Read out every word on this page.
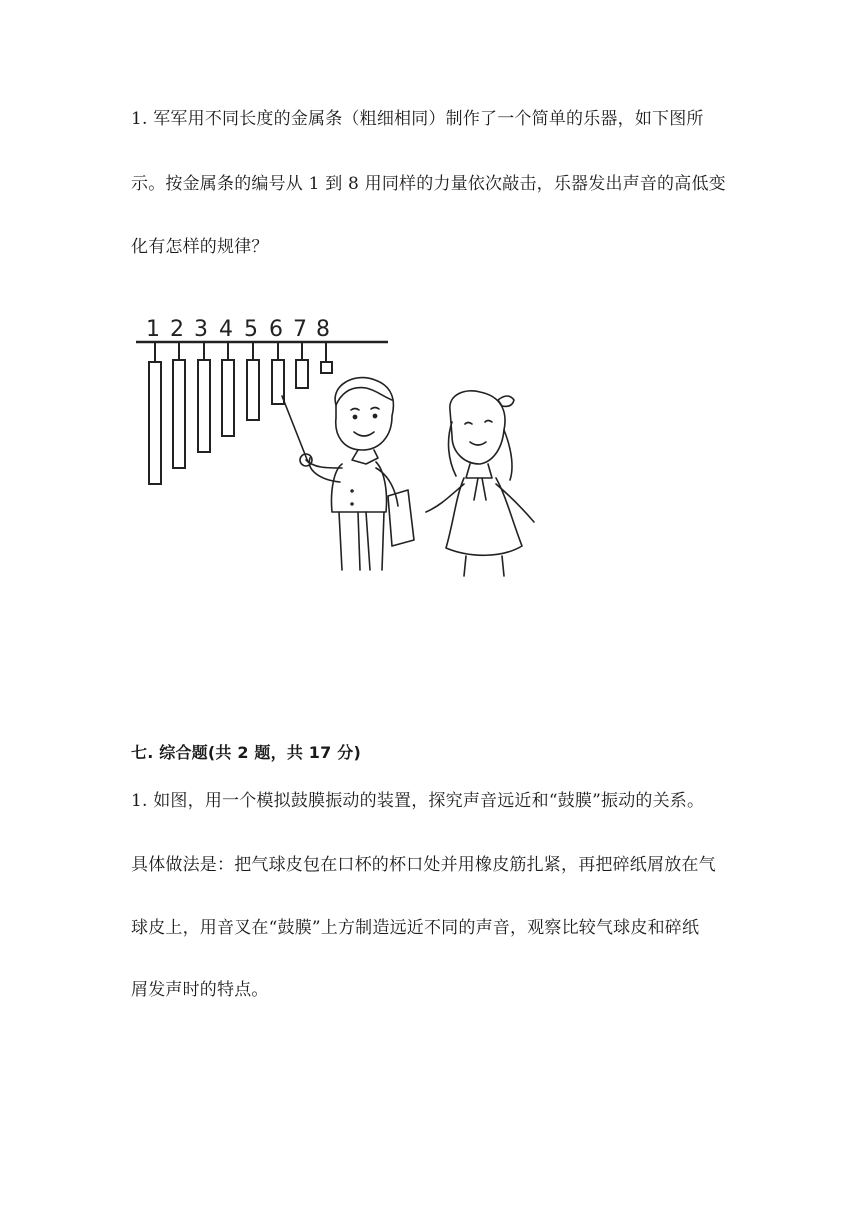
1. 军军用不同长度的金属条（粗细相同）制作了一个简单的乐器，如下图所
示。按金属条的编号从 1 到 8 用同样的力量依次敲击，乐器发出声音的高低变
化有怎样的规律？
1 2 3 4 5 6 7 8
七. 综合题(共 2 题，共 17 分)
1. 如图，用一个模拟鼓膜振动的装置，探究声音远近和“鼓膜”振动的关系。
具体做法是：把气球皮包在口杯的杯口处并用橡皮筋扎紧，再把碎纸屑放在气
球皮上，用音叉在“鼓膜”上方制造远近不同的声音，观察比较气球皮和碎纸
屑发声时的特点。
